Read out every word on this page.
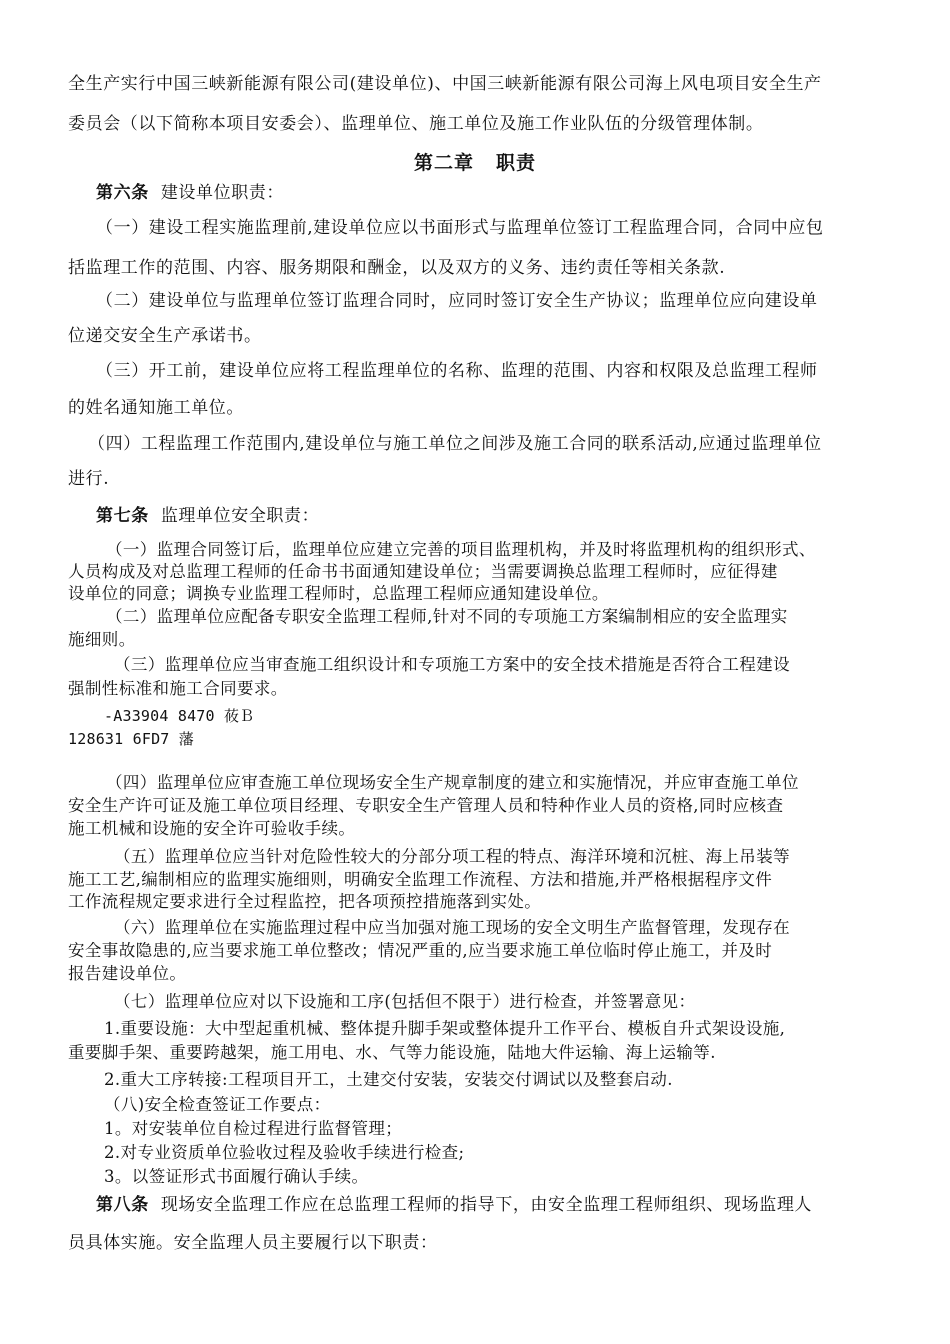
全生产实行中国三峡新能源有限公司(建设单位)、中国三峡新能源有限公司海上风电项目安全生产
委员会（以下简称本项目安委会）、监理单位、施工单位及施工作业队伍的分级管理体制。
第二章 职责
第六条 建设单位职责：
（一）建设工程实施监理前,建设单位应以书面形式与监理单位签订工程监理合同，合同中应包
括监理工作的范围、内容、服务期限和酬金，以及双方的义务、违约责任等相关条款.
（二）建设单位与监理单位签订监理合同时，应同时签订安全生产协议；监理单位应向建设单
位递交安全生产承诺书。
（三）开工前，建设单位应将工程监理单位的名称、监理的范围、内容和权限及总监理工程师
的姓名通知施工单位。
（四）工程监理工作范围内,建设单位与施工单位之间涉及施工合同的联系活动,应通过监理单位
进行.
第七条 监理单位安全职责：
（一）监理合同签订后，监理单位应建立完善的项目监理机构，并及时将监理机构的组织形式、
人员构成及对总监理工程师的任命书书面通知建设单位；当需要调换总监理工程师时，应征得建
设单位的同意；调换专业监理工程师时，总监理工程师应通知建设单位。
（二）监理单位应配备专职安全监理工程师,针对不同的专项施工方案编制相应的安全监理实
施细则。
（三）监理单位应当审查施工组织设计和专项施工方案中的安全技术措施是否符合工程建设
强制性标准和施工合同要求。
-A33904 8470 莜Ｂ
128631 6FD7 藩
（四）监理单位应审查施工单位现场安全生产规章制度的建立和实施情况，并应审查施工单位
安全生产许可证及施工单位项目经理、专职安全生产管理人员和特种作业人员的资格,同时应核查
施工机械和设施的安全许可验收手续。
（五）监理单位应当针对危险性较大的分部分项工程的特点、海洋环境和沉桩、海上吊装等
施工工艺,编制相应的监理实施细则，明确安全监理工作流程、方法和措施,并严格根据程序文件
工作流程规定要求进行全过程监控，把各项预控措施落到实处。
（六）监理单位在实施监理过程中应当加强对施工现场的安全文明生产监督管理，发现存在
安全事故隐患的,应当要求施工单位整改；情况严重的,应当要求施工单位临时停止施工，并及时
报告建设单位。
（七）监理单位应对以下设施和工序(包括但不限于）进行检查，并签署意见：
1.重要设施：大中型起重机械、整体提升脚手架或整体提升工作平台、模板自升式架设设施,
重要脚手架、重要跨越架，施工用电、水、气等力能设施，陆地大件运输、海上运输等.
2.重大工序转接:工程项目开工，土建交付安装，安装交付调试以及整套启动.
（八)安全检查签证工作要点：
1。对安装单位自检过程进行监督管理；
2.对专业资质单位验收过程及验收手续进行检查;
3。以签证形式书面履行确认手续。
第八条 现场安全监理工作应在总监理工程师的指导下，由安全监理工程师组织、现场监理人
员具体实施。安全监理人员主要履行以下职责：
